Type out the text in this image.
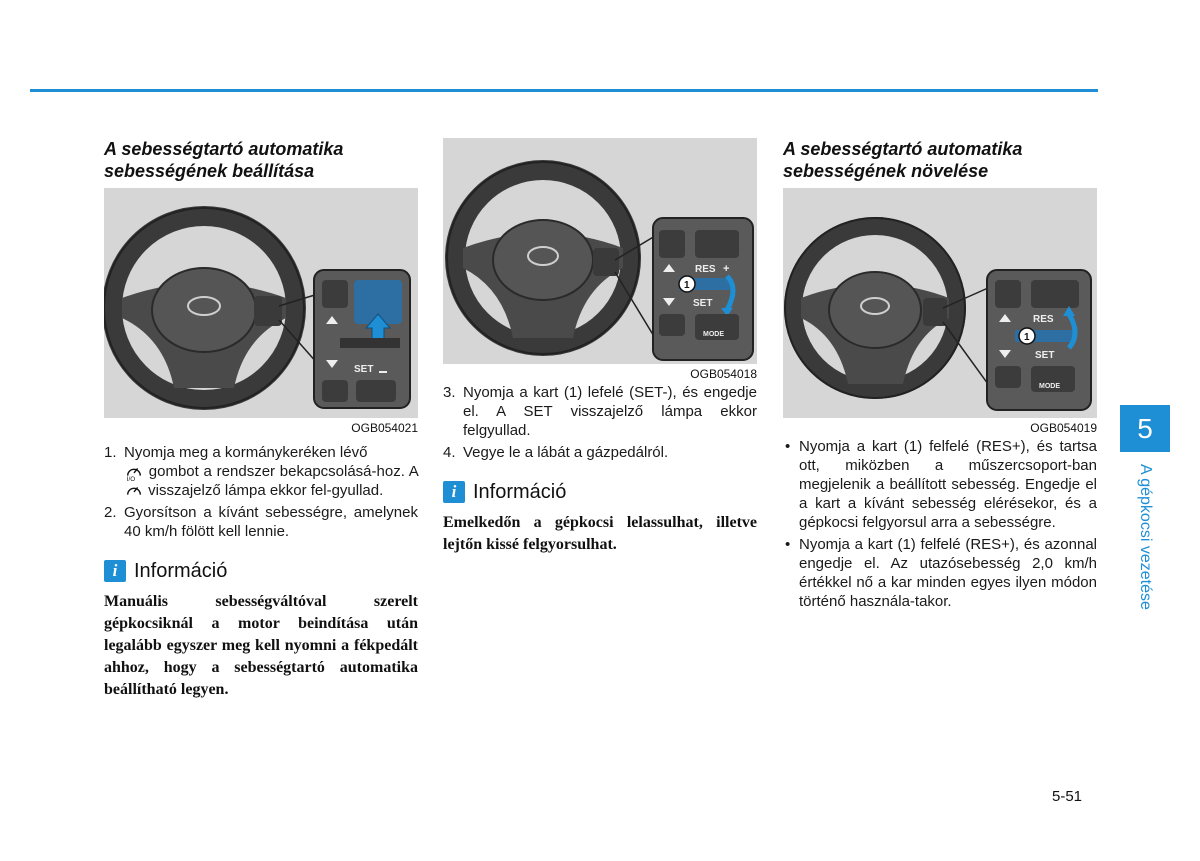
A sebességtartó automatika
sebességének beállítása
SET
OGB054021
1. Nyomja meg a kormánykeréken lévő

I/O gombot a rendszer bekapcsolásá-hoz. A  visszajelző lámpa ekkor fel-gyullad.
2. Gyorsítson a kívánt sebességre, amelynek 40 km/h fölött kell lennie.
i Információ
Manuális sebességváltóval szerelt gépkocsiknál a motor beindítása után legalább egyszer meg kell nyomni a fékpedált ahhoz, hogy a sebességtartó automatika beállítható legyen.
RES +
1
SET
MODE
OGB054018
3. Nyomja a kart (1) lefelé (SET-), és engedje el. A SET visszajelző lámpa ekkor felgyullad.
4. Vegye le a lábát a gázpedálról.
i Információ
Emelkedőn a gépkocsi lelassulhat, illetve lejtőn kissé felgyorsulhat.
A sebességtartó automatika
sebességének növelése
RES
1
SET
MODE
OGB054019
• Nyomja a kart (1) felfelé (RES+), és tartsa ott, miközben a műszercsoport-ban megjelenik a beállított sebesség. Engedje el a kart a kívánt sebesség elérésekor, és a gépkocsi felgyorsul arra a sebességre.
• Nyomja a kart (1) felfelé (RES+), és azonnal engedje el. Az utazósebesség 2,0 km/h értékkel nő a kar minden egyes ilyen módon történő használa-takor.
5
A gépkocsi vezetése
5-51
